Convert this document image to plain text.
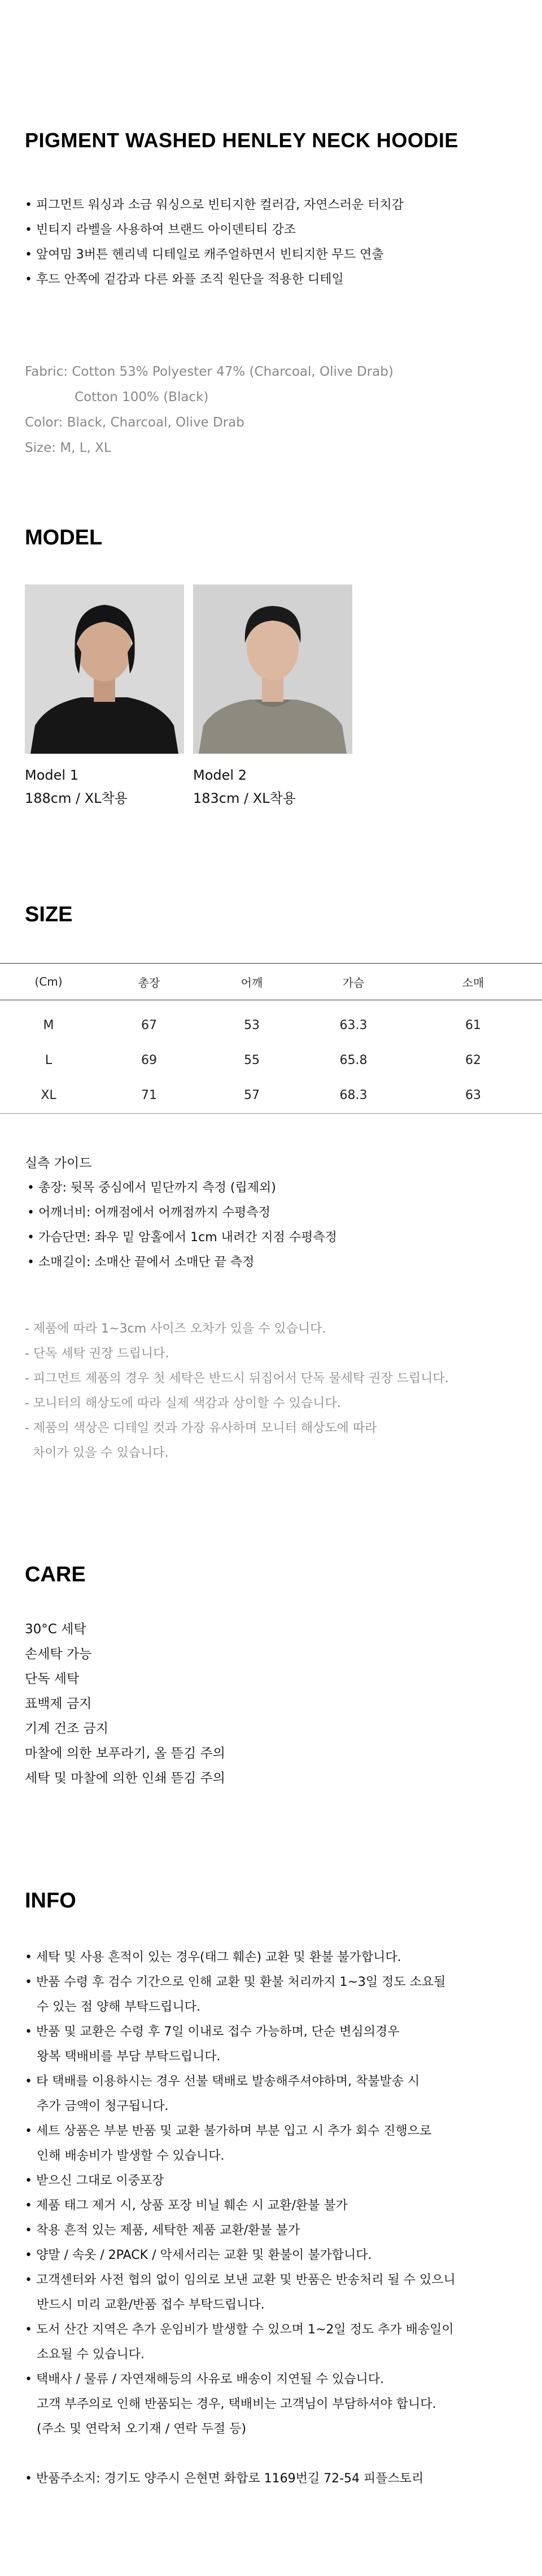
PIGMENT WASHED HENLEY NECK HOODIE
• 피그먼트 워싱과 소금 워싱으로 빈티지한 컬러감, 자연스러운 터치감
• 빈티지 라벨을 사용하여 브랜드 아이덴티티 강조
• 앞여밈 3버튼 헨리넥 디테일로 캐주얼하면서 빈티지한 무드 연출
• 후드 안쪽에 겉감과 다른 와플 조직 원단을 적용한 디테일
Fabric: Cotton 53% Polyester 47% (Charcoal, Olive Drab)
Cotton 100% (Black)
Color: Black, Charcoal, Olive Drab
Size: M, L, XL
MODEL
Model 1
188cm / XL착용
Model 2
183cm / XL착용
SIZE
(Cm)	총장	어깨	가슴	소매

M	67	53	63.3	61
L	69	55	65.8	62
XL	71	57	68.3	63
실측 가이드
• 총장: 뒷목 중심에서 밑단까지 측정 (립제외)
• 어깨너비: 어깨점에서 어깨점까지 수평측정
• 가슴단면: 좌우 밑 암홀에서 1cm 내려간 지점 수평측정
• 소매길이: 소매산 끝에서 소매단 끝 측정
- 제품에 따라 1~3cm 사이즈 오차가 있을 수 있습니다.
- 단독 세탁 권장 드립니다.
- 피그먼트 제품의 경우 첫 세탁은 반드시 뒤집어서 단독 물세탁 권장 드립니다.
- 모니터의 해상도에 따라 실제 색감과 상이할 수 있습니다.
- 제품의 색상은 디테일 컷과 가장 유사하며 모니터 해상도에 따라
차이가 있을 수 있습니다.
CARE
30°C 세탁
손세탁 가능
단독 세탁
표백제 금지
기계 건조 금지
마찰에 의한 보푸라기, 올 뜯김 주의
세탁 및 마찰에 의한 인쇄 뜯김 주의
INFO
• 세탁 및 사용 흔적이 있는 경우(태그 훼손) 교환 및 환불 불가합니다.
• 반품 수령 후 검수 기간으로 인해 교환 및 환불 처리까지 1~3일 정도 소요될
수 있는 점 양해 부탁드립니다.
• 반품 및 교환은 수령 후 7일 이내로 접수 가능하며, 단순 변심의경우
왕복 택배비를 부담 부탁드립니다.
• 타 택배를 이용하시는 경우 선불 택배로 발송해주셔야하며, 착불발송 시
추가 금액이 청구됩니다.
• 세트 상품은 부분 반품 및 교환 불가하며 부분 입고 시 추가 회수 진행으로
인해 배송비가 발생할 수 있습니다.
• 받으신 그대로 이중포장
• 제품 태그 제거 시, 상품 포장 비닐 훼손 시 교환/환불 불가
• 착용 흔적 있는 제품, 세탁한 제품 교환/환불 불가
• 양말 / 속옷 / 2PACK / 악세서리는 교환 및 환불이 불가합니다.
• 고객센터와 사전 협의 없이 임의로 보낸 교환 및 반품은 반송처리 될 수 있으니
반드시 미리 교환/반품 접수 부탁드립니다.
• 도서 산간 지역은 추가 운임비가 발생할 수 있으며 1~2일 정도 추가 배송일이
소요될 수 있습니다.
• 택배사 / 물류 / 자연재해등의 사유로 배송이 지연될 수 있습니다.
고객 부주의로 인해 반품되는 경우, 택배비는 고객님이 부담하셔야 합니다.
(주소 및 연락처 오기재 / 연락 두절 등)
• 반품주소지: 경기도 양주시 은현면 화합로 1169번길 72-54 피플스토리
